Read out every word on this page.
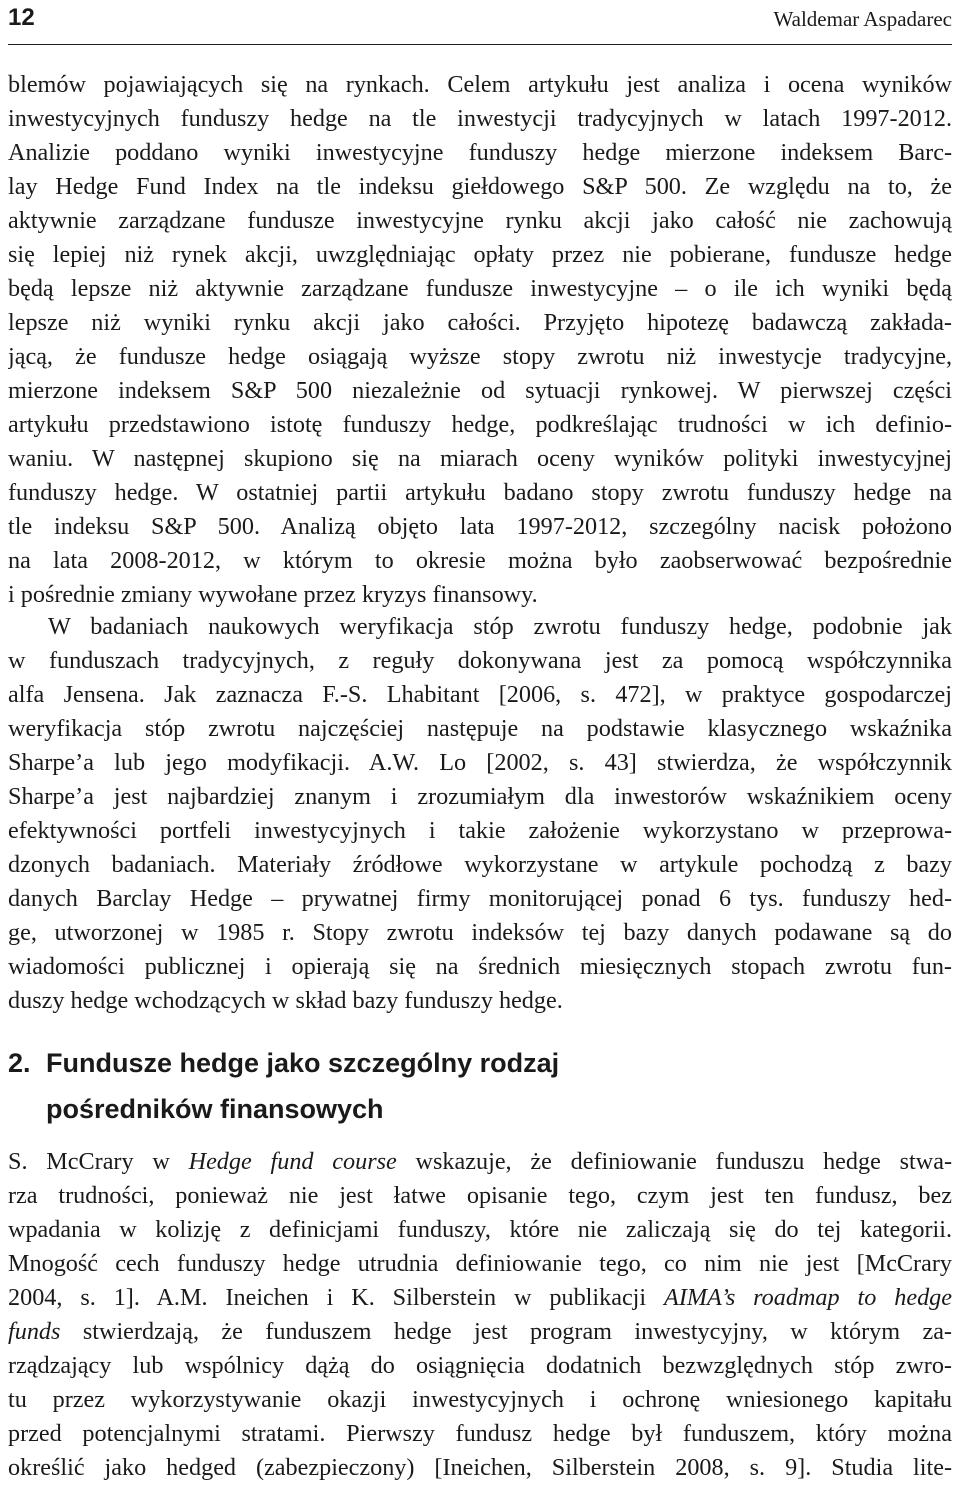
12	Waldemar Aspadarec
blemów pojawiających się na rynkach. Celem artykułu jest analiza i ocena wyników
inwestycyjnych funduszy hedge na tle inwestycji tradycyjnych w latach 1997-2012.
Analizie poddano wyniki inwestycyjne funduszy hedge mierzone indeksem Barc-
lay Hedge Fund Index na tle indeksu giełdowego S&P 500. Ze względu na to, że
aktywnie zarządzane fundusze inwestycyjne rynku akcji jako całość nie zachowują
się lepiej niż rynek akcji, uwzględniając opłaty przez nie pobierane, fundusze hedge
będą lepsze niż aktywnie zarządzane fundusze inwestycyjne – o ile ich wyniki będą
lepsze niż wyniki rynku akcji jako całości. Przyjęto hipotezę badawczą zakłada-
jącą, że fundusze hedge osiągają wyższe stopy zwrotu niż inwestycje tradycyjne,
mierzone indeksem S&P 500 niezależnie od sytuacji rynkowej. W pierwszej części
artykułu przedstawiono istotę funduszy hedge, podkreślając trudności w ich definio-
waniu. W następnej skupiono się na miarach oceny wyników polityki inwestycyjnej
funduszy hedge. W ostatniej partii artykułu badano stopy zwrotu funduszy hedge na
tle indeksu S&P 500. Analizą objęto lata 1997-2012, szczególny nacisk położono
na lata 2008-2012, w którym to okresie można było zaobserwować bezpośrednie
i pośrednie zmiany wywołane przez kryzys finansowy.
W badaniach naukowych weryfikacja stóp zwrotu funduszy hedge, podobnie jak
w funduszach tradycyjnych, z reguły dokonywana jest za pomocą współczynnika
alfa Jensena. Jak zaznacza F.-S. Lhabitant [2006, s. 472], w praktyce gospodarczej
weryfikacja stóp zwrotu najczęściej następuje na podstawie klasycznego wskaźnika
Sharpe’a lub jego modyfikacji. A.W. Lo [2002, s. 43] stwierdza, że współczynnik
Sharpe’a jest najbardziej znanym i zrozumiałym dla inwestorów wskaźnikiem oceny
efektywności portfeli inwestycyjnych i takie założenie wykorzystano w przeprowa-
dzonych badaniach. Materiały źródłowe wykorzystane w artykule pochodzą z bazy
danych Barclay Hedge – prywatnej firmy monitorującej ponad 6 tys. funduszy hed-
ge, utworzonej w 1985 r. Stopy zwrotu indeksów tej bazy danych podawane są do
wiadomości publicznej i opierają się na średnich miesięcznych stopach zwrotu fun-
duszy hedge wchodzących w skład bazy funduszy hedge.
2. Fundusze hedge jako szczególny rodzaj
pośredników finansowych
S. McCrary w Hedge fund course wskazuje, że definiowanie funduszu hedge stwa-
rza trudności, ponieważ nie jest łatwe opisanie tego, czym jest ten fundusz, bez
wpadania w kolizję z definicjami funduszy, które nie zaliczają się do tej kategorii.
Mnogość cech funduszy hedge utrudnia definiowanie tego, co nim nie jest [McCrary
2004, s. 1]. A.M. Ineichen i K. Silberstein w publikacji AIMA’s roadmap to hedge
funds stwierdzają, że funduszem hedge jest program inwestycyjny, w którym za-
rządzający lub wspólnicy dążą do osiągnięcia dodatnich bezwzględnych stóp zwro-
tu przez wykorzystywanie okazji inwestycyjnych i ochronę wniesionego kapitału
przed potencjalnymi stratami. Pierwszy fundusz hedge był funduszem, który można
określić jako hedged (zabezpieczony) [Ineichen, Silberstein 2008, s. 9]. Studia lite-
